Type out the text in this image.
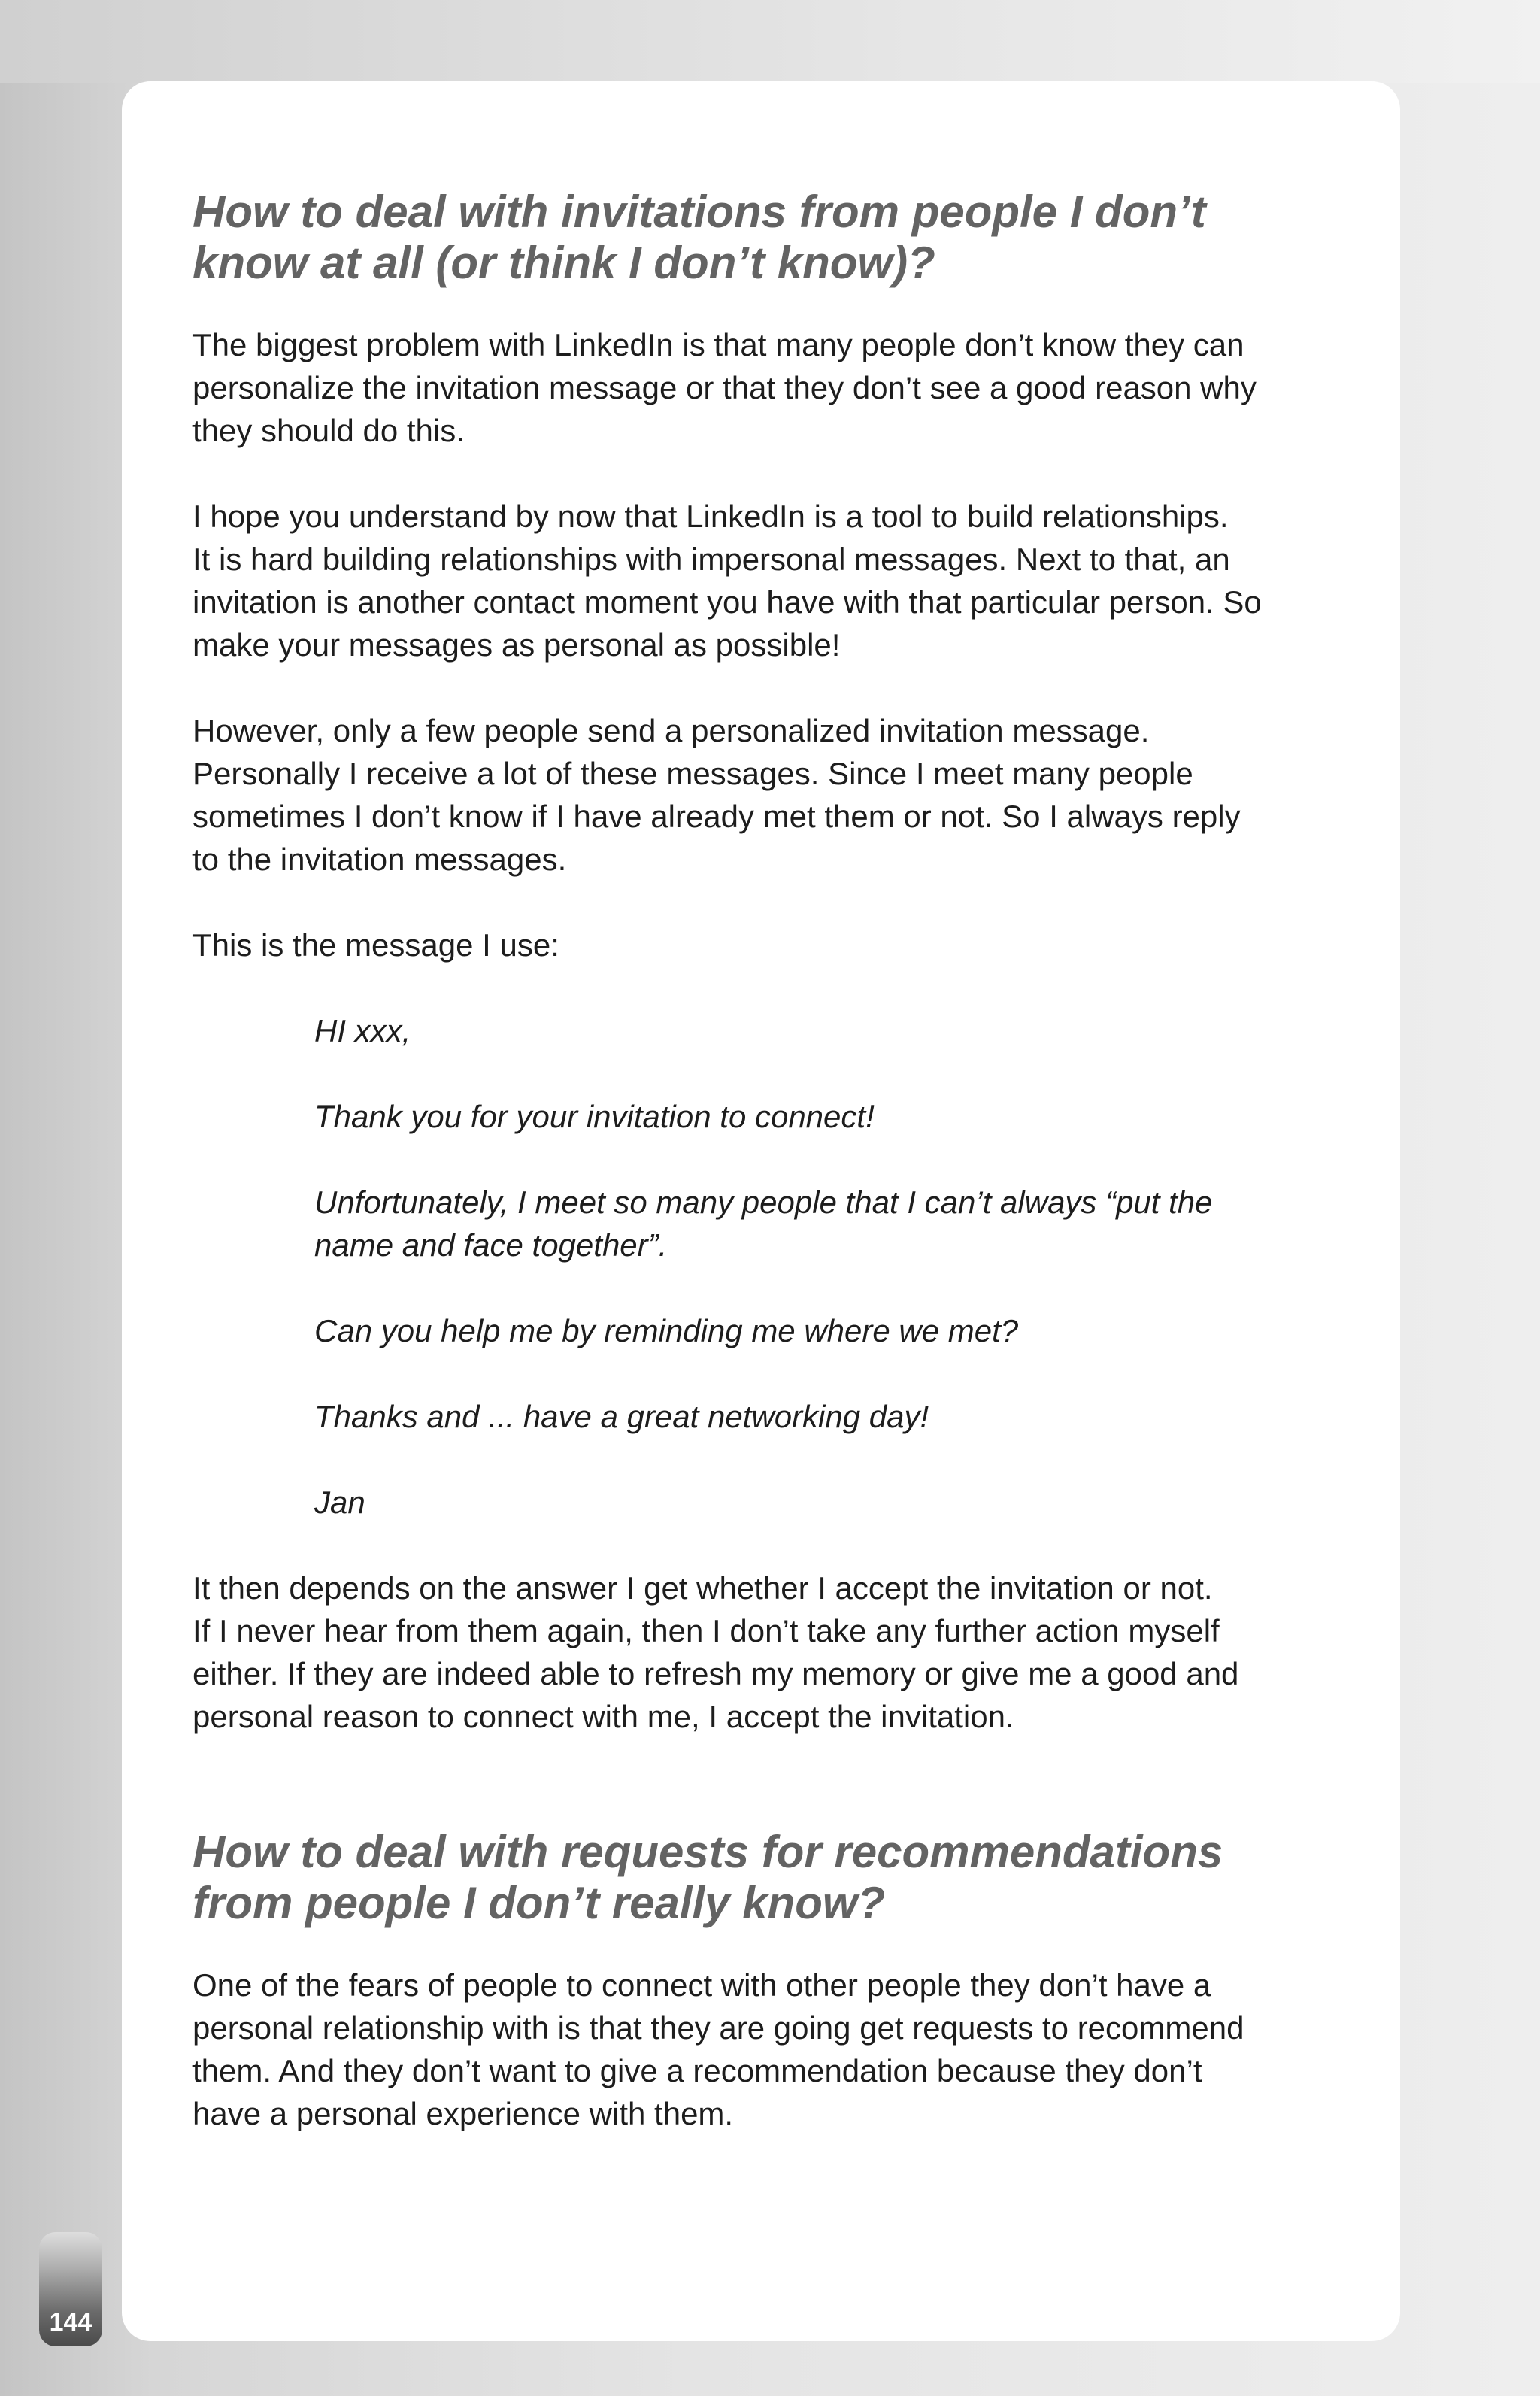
How to deal with invitations from people I don’t
know at all (or think I don’t know)?

The biggest problem with LinkedIn is that many people don’t know they can
personalize the invitation message or that they don’t see a good reason why
they should do this.

I hope you understand by now that LinkedIn is a tool to build relationships.
It is hard building relationships with impersonal messages. Next to that, an
invitation is another contact moment you have with that particular person. So
make your messages as personal as possible!

However, only a few people send a personalized invitation message.
Personally I receive a lot of these messages. Since I meet many people
sometimes I don’t know if I have already met them or not. So I always reply
to the invitation messages.

This is the message I use:

HI xxx,

Thank you for your invitation to connect!

Unfortunately, I meet so many people that I can’t always “put the
name and face together”.

Can you help me by reminding me where we met?

Thanks and ... have a great networking day!

Jan

It then depends on the answer I get whether I accept the invitation or not.
If I never hear from them again, then I don’t take any further action myself
either. If they are indeed able to refresh my memory or give me a good and
personal reason to connect with me, I accept the invitation.

How to deal with requests for recommendations
from people I don’t really know?

One of the fears of people to connect with other people they don’t have a
personal relationship with is that they are going get requests to recommend
them. And they don’t want to give a recommendation because they don’t
have a personal experience with them.

144
